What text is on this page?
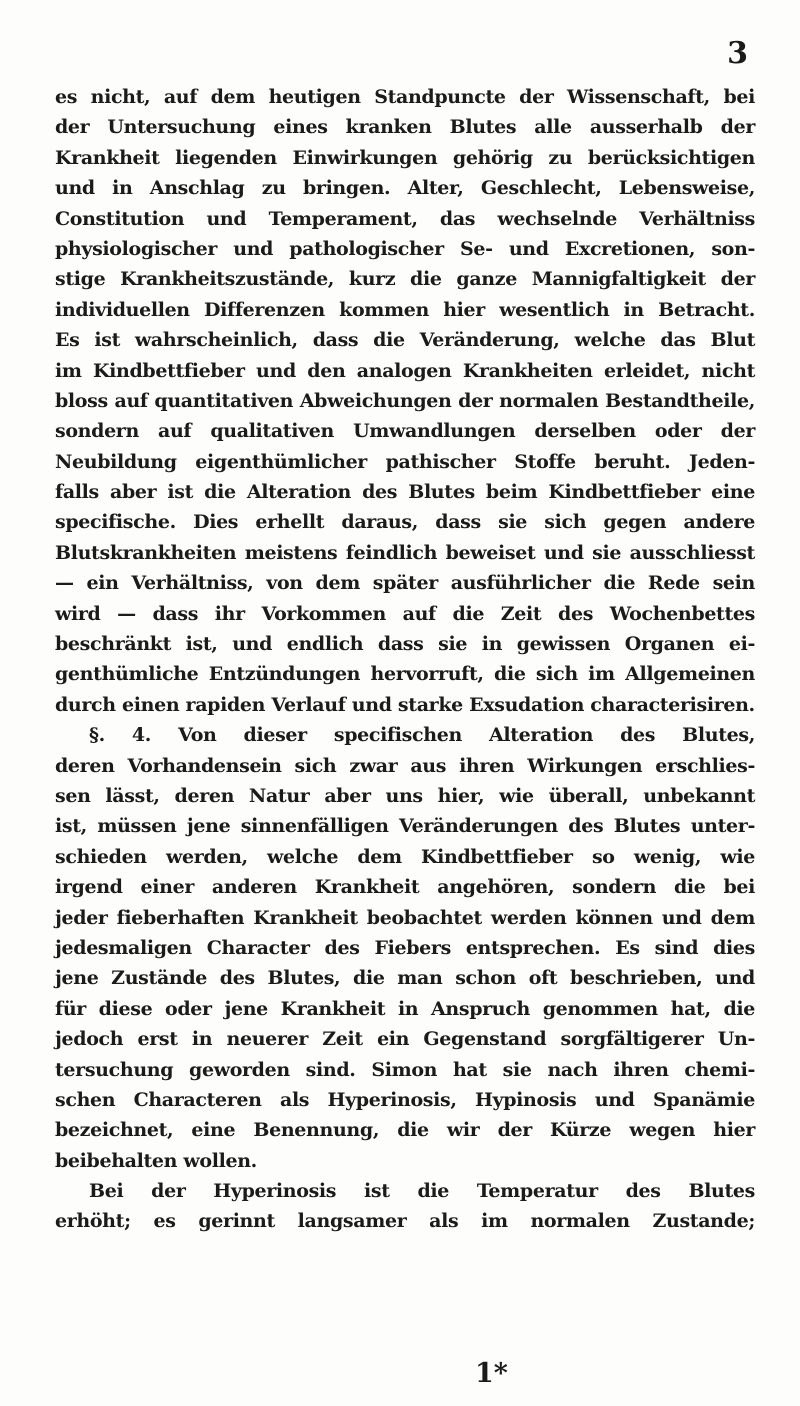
3
es nicht, auf dem heutigen Standpuncte der Wissenschaft, bei
der Untersuchung eines kranken Blutes alle ausserhalb der
Krankheit liegenden Einwirkungen gehörig zu berücksichtigen
und in Anschlag zu bringen. Alter, Geschlecht, Lebensweise,
Constitution und Temperament, das wechselnde Verhältniss
physiologischer und pathologischer Se- und Excretionen, son-
stige Krankheitszustände, kurz die ganze Mannigfaltigkeit der
individuellen Differenzen kommen hier wesentlich in Betracht.
Es ist wahrscheinlich, dass die Veränderung, welche das Blut
im Kindbettfieber und den analogen Krankheiten erleidet, nicht
bloss auf quantitativen Abweichungen der normalen Bestandtheile,
sondern auf qualitativen Umwandlungen derselben oder der
Neubildung eigenthümlicher pathischer Stoffe beruht. Jeden-
falls aber ist die Alteration des Blutes beim Kindbettfieber eine
specifische. Dies erhellt daraus, dass sie sich gegen andere
Blutskrankheiten meistens feindlich beweiset und sie ausschliesst
— ein Verhältniss, von dem später ausführlicher die Rede sein
wird — dass ihr Vorkommen auf die Zeit des Wochenbettes
beschränkt ist, und endlich dass sie in gewissen Organen ei-
genthümliche Entzündungen hervorruft, die sich im Allgemeinen
durch einen rapiden Verlauf und starke Exsudation characterisiren.
§. 4. Von dieser specifischen Alteration des Blutes,
deren Vorhandensein sich zwar aus ihren Wirkungen erschlies-
sen lässt, deren Natur aber uns hier, wie überall, unbekannt
ist, müssen jene sinnenfälligen Veränderungen des Blutes unter-
schieden werden, welche dem Kindbettfieber so wenig, wie
irgend einer anderen Krankheit angehören, sondern die bei
jeder fieberhaften Krankheit beobachtet werden können und dem
jedesmaligen Character des Fiebers entsprechen. Es sind dies
jene Zustände des Blutes, die man schon oft beschrieben, und
für diese oder jene Krankheit in Anspruch genommen hat, die
jedoch erst in neuerer Zeit ein Gegenstand sorgfältigerer Un-
tersuchung geworden sind. Simon hat sie nach ihren chemi-
schen Characteren als Hyperinosis, Hypinosis und Spanämie
bezeichnet, eine Benennung, die wir der Kürze wegen hier
beibehalten wollen.
Bei der Hyperinosis ist die Temperatur des Blutes
erhöht; es gerinnt langsamer als im normalen Zustande;
1*
